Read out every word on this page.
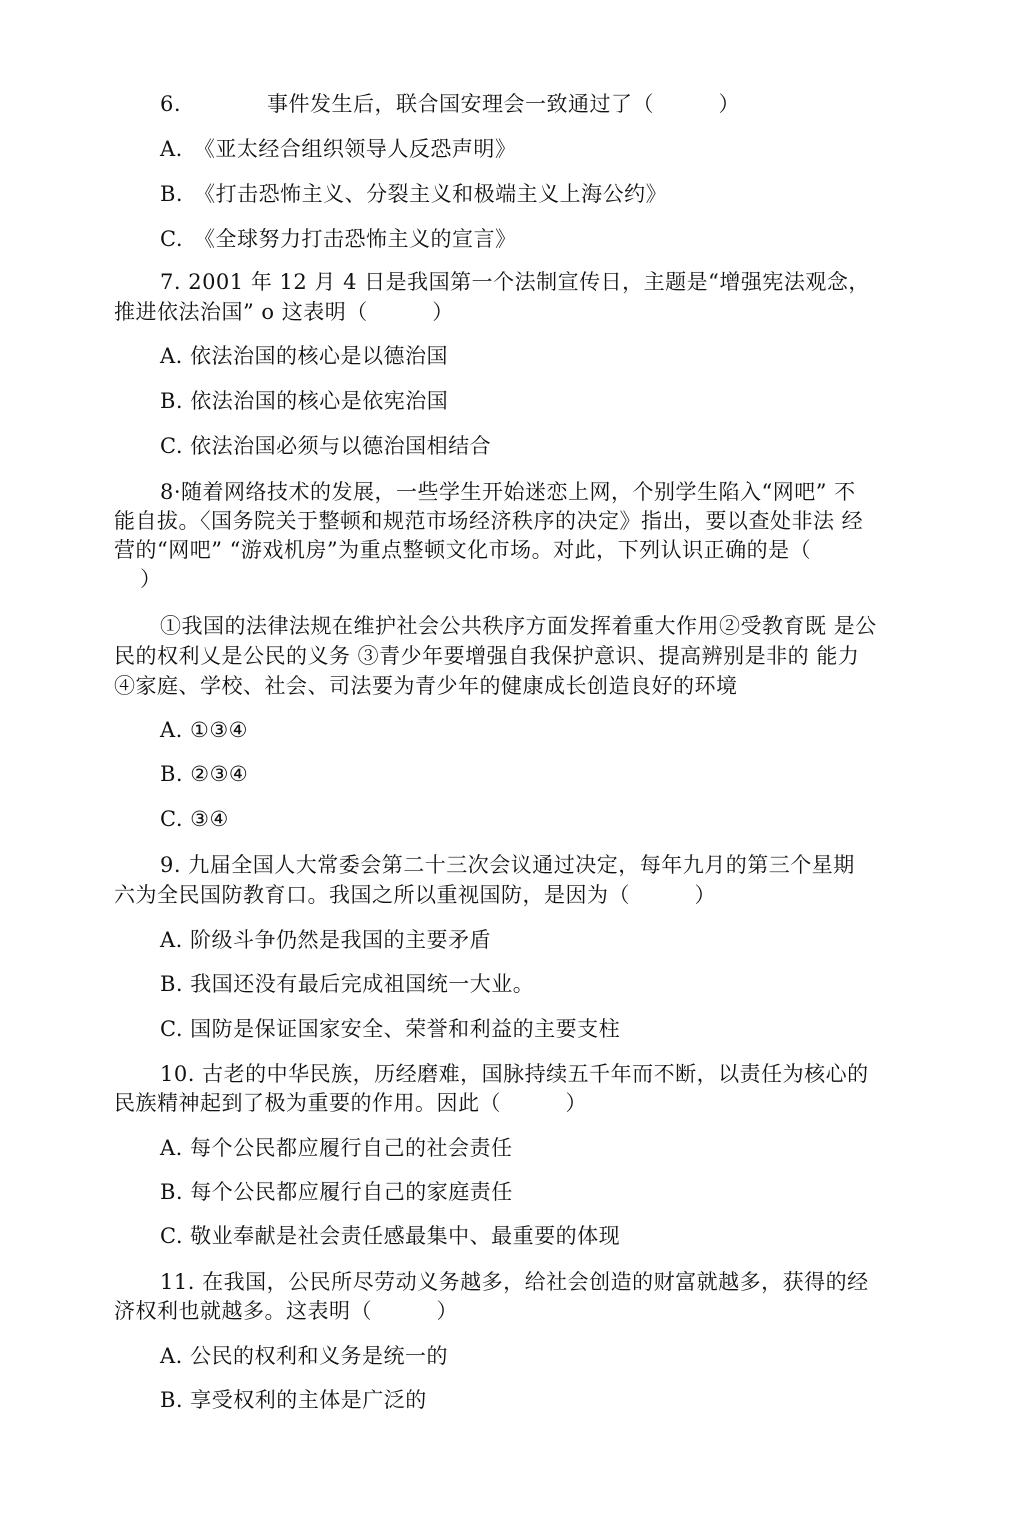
6.	事件发生后，联合国安理会一致通过了（　　　）
A.　《亚太经合组织领导人反恐声明》
B.　《打击恐怖主义、分裂主义和极端主义上海公约》
C.　《全球努力打击恐怖主义的宣言》
7. 2001 年 12 月 4 日是我国第一个法制宣传日，主题是“增强宪法观念，
推进依法治国” o 这表明（　　　）
A. 依法治国的核心是以德治国
B. 依法治国的核心是依宪治国
C. 依法治国必须与以德治国相结合
8·随着网络技术的发展，一些学生开始迷恋上网，个别学生陷入“网吧” 不
能自拔。〈国务院关于整顿和规范市场经济秩序的决定》指出，要以查处非法 经
营的“网吧” “游戏机房”为重点整顿文化市场。对此，下列认识正确的是（
）
①我国的法律法规在维护社会公共秩序方面发挥着重大作用②受教育既 是公
民的权利乂是公民的义务 ③青少年要增强自我保护意识、提高辨别是非的 能力
④家庭、学校、社会、司法要为青少年的健康成长创造良好的环境
A. ①③④
B. ②③④
C. ③④
9. 九届全国人大常委会第二十三次会议通过决定，每年九月的第三个星期
六为全民国防教育口。我国之所以重视国防，是因为（　　　）
A. 阶级斗争仍然是我国的主要矛盾
B. 我国还没有最后完成祖国统一大业。
C. 国防是保证国家安全、荣誉和利益的主要支柱
10. 古老的中华民族，历经磨难，国脉持续五千年而不断，以责任为核心的
民族精神起到了极为重要的作用。因此（　　　）
A. 每个公民都应履行自己的社会责任
B. 每个公民都应履行自己的家庭责任
C. 敬业奉献是社会责任感最集中、最重要的体现
11. 在我国，公民所尽劳动义务越多，给社会创造的财富就越多，获得的经
济权利也就越多。这表明（　　　）
A. 公民的权利和义务是统一的
B. 享受权利的主体是广泛的
